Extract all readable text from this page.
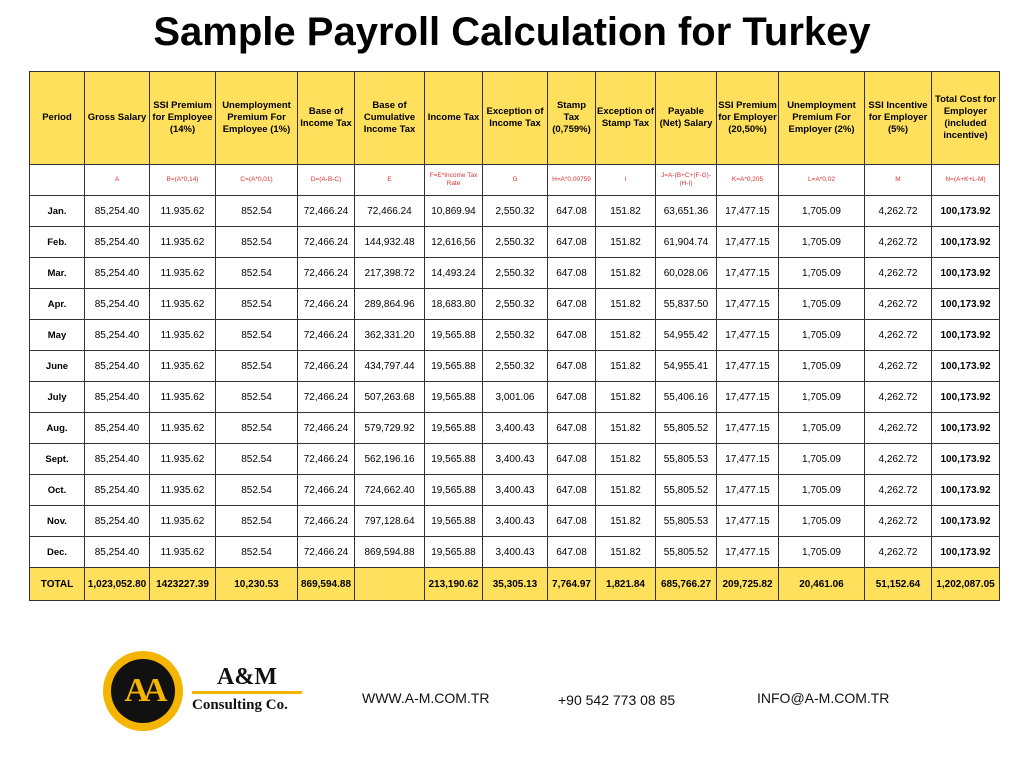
Sample Payroll Calculation for Turkey
Period	Gross Salary	SSI Premium for Employee (14%)	Unemployment Premium For Employee (1%)	Base of Income Tax	Base of Cumulative Income Tax	Income Tax	Exception of Income Tax	Stamp Tax (0,759%)	Exception of Stamp Tax	Payable (Net) Salary	SSI Premium for Employer (20,50%)	Unemployment Premium For Employer (2%)	SSI Incentive for Employer (5%)	Total Cost for Employer (included incentive)
	A	B=(A*0,14)	C=(A*0,01)	D=(A-B-C)	E	F=E*Income Tax Rate	G	H=A*0,00759	I	J=A-(B+C+(F-G)-(H-I)	K=A*0,205	L=A*0,02	M	N=(A+K+L-M)
Jan.	85,254.40	11.935.62	852.54	72,466.24	72,466.24	10,869.94	2,550.32	647.08	151.82	63,651.36	17,477.15	1,705.09	4,262.72	100,173.92
Feb.	85,254.40	11.935.62	852.54	72,466.24	144,932.48	12,616,56	2,550.32	647.08	151.82	61,904.74	17,477.15	1,705.09	4,262.72	100,173.92
Mar.	85,254.40	11.935.62	852.54	72,466.24	217,398.72	14,493.24	2,550.32	647.08	151.82	60,028.06	17,477.15	1,705.09	4,262.72	100,173.92
Apr.	85,254.40	11.935.62	852.54	72,466.24	289,864.96	18,683.80	2,550.32	647.08	151.82	55,837.50	17,477.15	1,705.09	4,262.72	100,173.92
May	85,254.40	11.935.62	852.54	72,466.24	362,331.20	19,565.88	2,550.32	647.08	151.82	54,955.42	17,477.15	1,705.09	4,262.72	100,173.92
June	85,254.40	11.935.62	852.54	72,466.24	434,797.44	19,565.88	2,550.32	647.08	151.82	54,955.41	17,477.15	1,705.09	4,262.72	100,173.92
July	85,254.40	11.935.62	852.54	72,466.24	507,263.68	19,565.88	3,001.06	647.08	151.82	55,406.16	17,477.15	1,705.09	4,262.72	100,173.92
Aug.	85,254.40	11.935.62	852.54	72,466.24	579,729.92	19,565.88	3,400.43	647.08	151.82	55,805.52	17,477.15	1,705.09	4,262.72	100,173.92
Sept.	85,254.40	11.935.62	852.54	72,466.24	562,196.16	19,565.88	3,400.43	647.08	151.82	55,805.53	17,477.15	1,705.09	4,262.72	100,173.92
Oct.	85,254.40	11.935.62	852.54	72,466.24	724,662.40	19,565.88	3,400.43	647.08	151.82	55,805.52	17,477.15	1,705.09	4,262.72	100,173.92
Nov.	85,254.40	11.935.62	852.54	72,466.24	797,128.64	19,565.88	3,400.43	647.08	151.82	55,805.53	17,477.15	1,705.09	4,262.72	100,173.92
Dec.	85,254.40	11.935.62	852.54	72,466.24	869,594.88	19,565.88	3,400.43	647.08	151.82	55,805.52	17,477.15	1,705.09	4,262.72	100,173.92
TOTAL	1,023,052.80	1423227.39	10,230.53	869,594.88		213,190.62	35,305.13	7,764.97	1,821.84	685,766.27	209,725.82	20,461.06	51,152.64	1,202,087.05
AA	A&M
Consulting Co.	WWW.A-M.COM.TR	+90 542 773 08 85	INFO@A-M.COM.TR
